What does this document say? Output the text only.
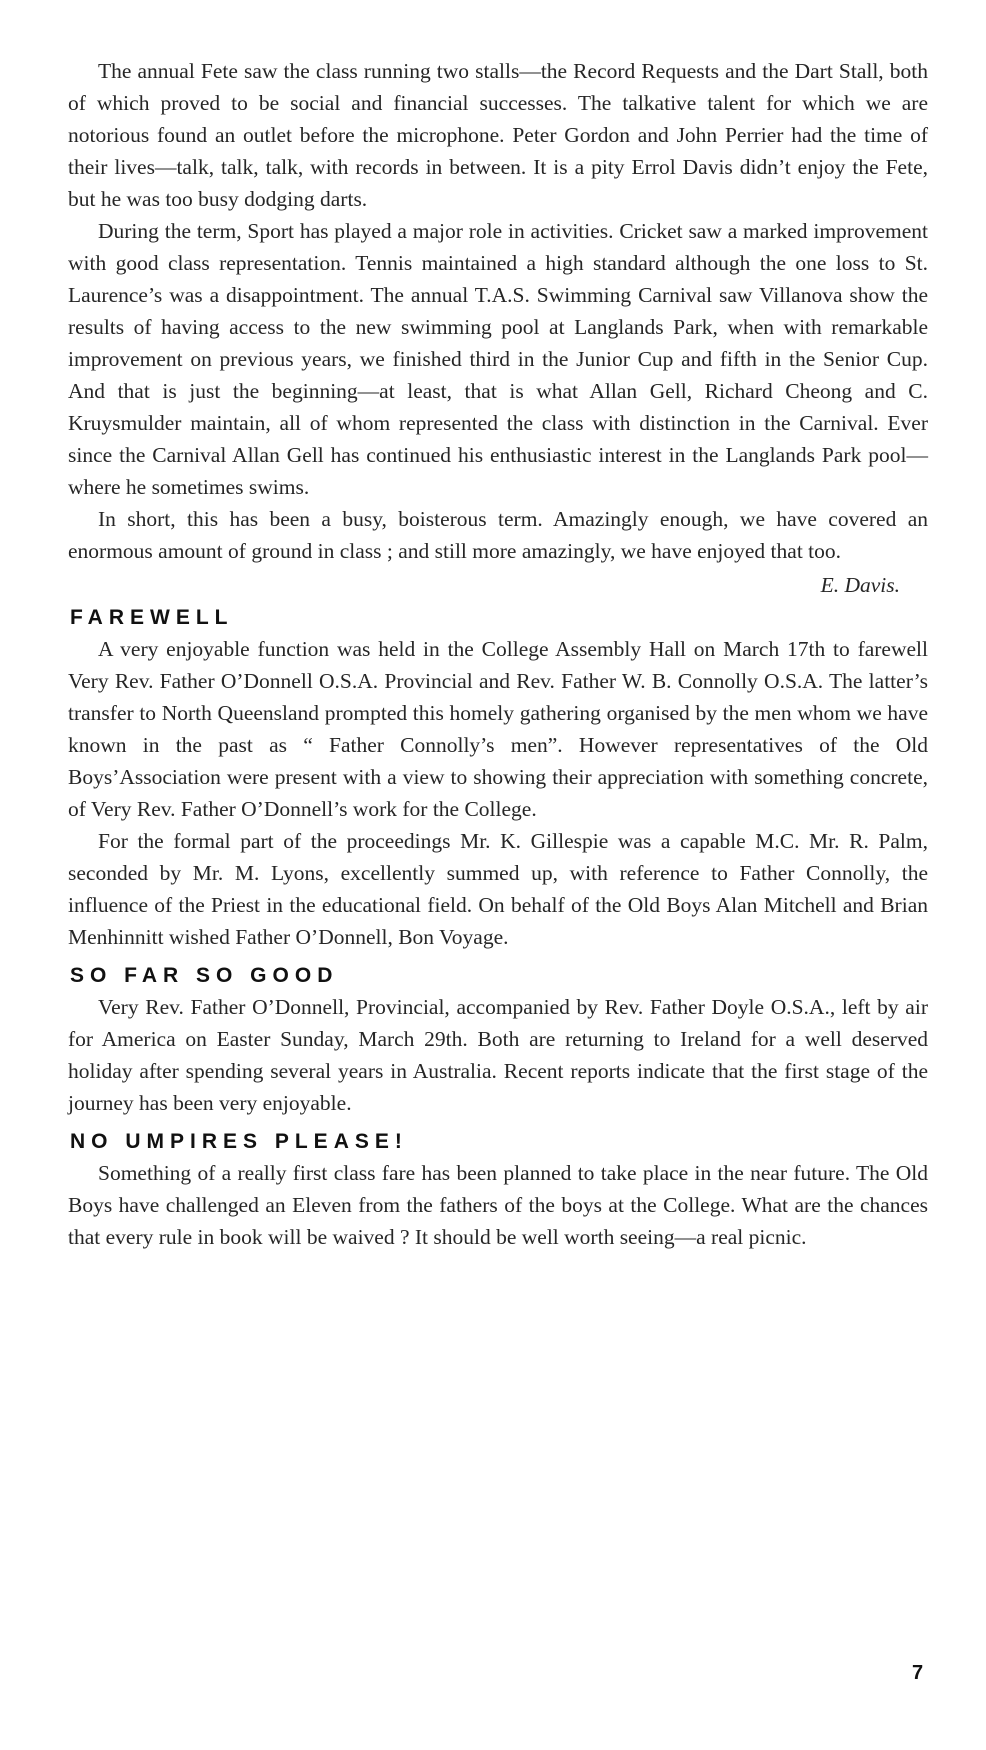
The annual Fete saw the class running two stalls—the Record Requests and the Dart Stall, both of which proved to be social and financial successes. The talkative talent for which we are notorious found an outlet before the microphone. Peter Gordon and John Perrier had the time of their lives—talk, talk, talk, with records in between. It is a pity Errol Davis didn’t enjoy the Fete, but he was too busy dodging darts.

During the term, Sport has played a major role in activities. Cricket saw a marked improvement with good class representation. Tennis maintained a high standard although the one loss to St. Laurence’s was a disappointment. The annual T.A.S. Swimming Carnival saw Villanova show the results of having access to the new swimming pool at Langlands Park, when with remarkable improvement on previous years, we finished third in the Junior Cup and fifth in the Senior Cup. And that is just the beginning—at least, that is what Allan Gell, Richard Cheong and C. Kruysmulder maintain, all of whom represented the class with distinction in the Carnival. Ever since the Carnival Allan Gell has continued his enthusiastic interest in the Langlands Park pool—where he sometimes swims.

In short, this has been a busy, boisterous term. Amazingly enough, we have covered an enormous amount of ground in class ; and still more amazingly, we have enjoyed that too.

E. Davis.

FAREWELL

A very enjoyable function was held in the College Assembly Hall on March 17th to farewell Very Rev. Father O’Donnell O.S.A. Provincial and Rev. Father W. B. Connolly O.S.A. The latter’s transfer to North Queensland prompted this homely gathering organised by the men whom we have known in the past as “ Father Connolly’s men”. However representatives of the Old Boys’Association were present with a view to showing their appreciation with something concrete, of Very Rev. Father O’Donnell’s work for the College.

For the formal part of the proceedings Mr. K. Gillespie was a capable M.C. Mr. R. Palm, seconded by Mr. M. Lyons, excellently summed up, with reference to Father Connolly, the influence of the Priest in the educational field. On behalf of the Old Boys Alan Mitchell and Brian Menhinnitt wished Father O’Donnell, Bon Voyage.

SO FAR SO GOOD

Very Rev. Father O’Donnell, Provincial, accompanied by Rev. Father Doyle O.S.A., left by air for America on Easter Sunday, March 29th. Both are returning to Ireland for a well deserved holiday after spending several years in Australia. Recent reports indicate that the first stage of the journey has been very enjoyable.

NO UMPIRES PLEASE!

Something of a really first class fare has been planned to take place in the near future. The Old Boys have challenged an Eleven from the fathers of the boys at the College. What are the chances that every rule in book will be waived ? It should be well worth seeing—a real picnic.

7
